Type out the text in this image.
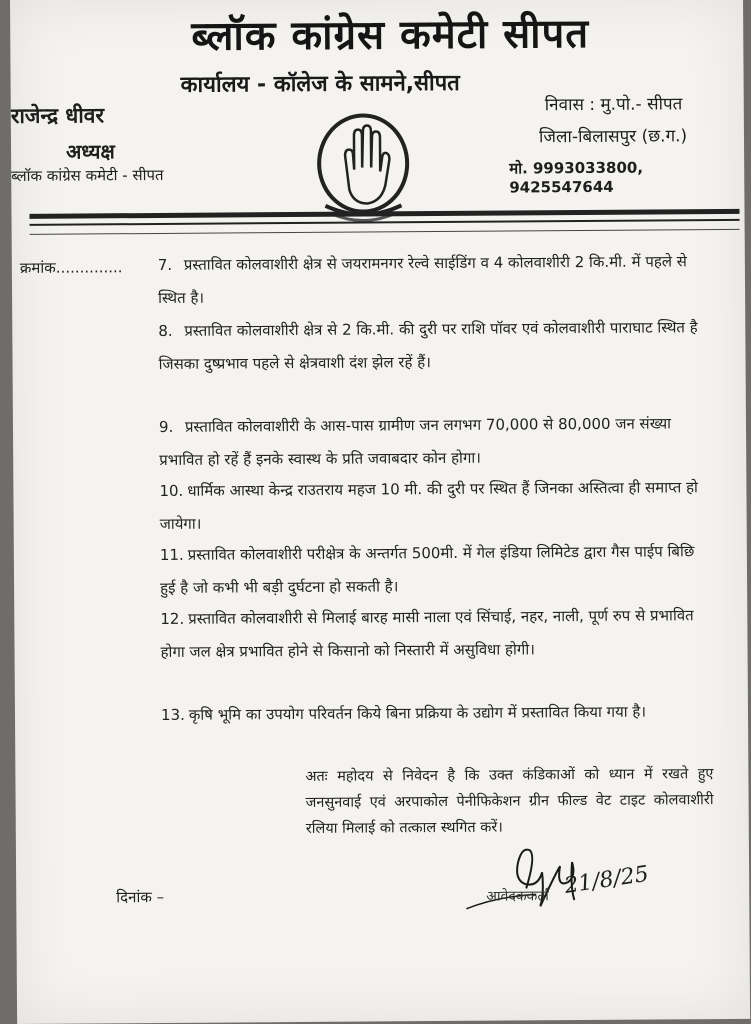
ब्लॉक कांग्रेस कमेटी सीपत
कार्यालय - कॉलेज के सामने,सीपत
राजेन्द्र धीवर
अध्यक्ष
ब्लॉक कांग्रेस कमेटी - सीपत
निवास : मु.पो.- सीपत
जिला-बिलासपुर (छ.ग.)
मो. 9993033800, 9425547644
क्रमांक.............. 7. प्रस्तावित कोलवाशीरी क्षेत्र से जयरामनगर रेल्वे साईडिंग व 4 कोलवाशीरी 2 कि.मी. में पहले से स्थित है।
8. प्रस्तावित कोलवाशीरी क्षेत्र से 2 कि.मी. की दुरी पर राशि पॉवर एवं कोलवाशीरी पाराघाट स्थित है जिसका दुष्प्रभाव पहले से क्षेत्रवाशी दंश झेल रहें हैं।
9. प्रस्तावित कोलवाशीरी के आस-पास ग्रामीण जन लगभग 70,000 से 80,000 जन संख्या प्रभावित हो रहें हैं इनके स्वास्थ के प्रति जवाबदार कोन होगा।
10. धार्मिक आस्था केन्द्र राउतराय महज 10 मी. की दुरी पर स्थित हैं जिनका अस्तित्वा ही समाप्त हो जायेगा।
11. प्रस्तावित कोलवाशीरी परीक्षेत्र के अन्तर्गत 500मी. में गेल इंडिया लिमिटेड द्वारा गैस पाईप बिछि हुई है जो कभी भी बड़ी दुर्घटना हो सकती है।
12. प्रस्तावित कोलवाशीरी से मिलाई बारह मासी नाला एवं सिंचाई, नहर, नाली, पूर्ण रुप से प्रभावित होगा जल क्षेत्र प्रभावित होने से किसानो को निस्तारी में असुविधा होगी।
13. कृषि भूमि का उपयोग परिवर्तन किये बिना प्रक्रिया के उद्योग में प्रस्तावित किया गया है।
अतः महोदय से निवेदन है कि उक्त कंडिकाओं को ध्यान में रखते हुए जनसुनवाई एवं अरपाकोल पेनीफिकेशन ग्रीन फील्ड वेट टाइट कोलवाशीरी रलिया मिलाई को तत्काल स्थगित करें।
दिनांक –	आवेदककर्ता 21/8/25
